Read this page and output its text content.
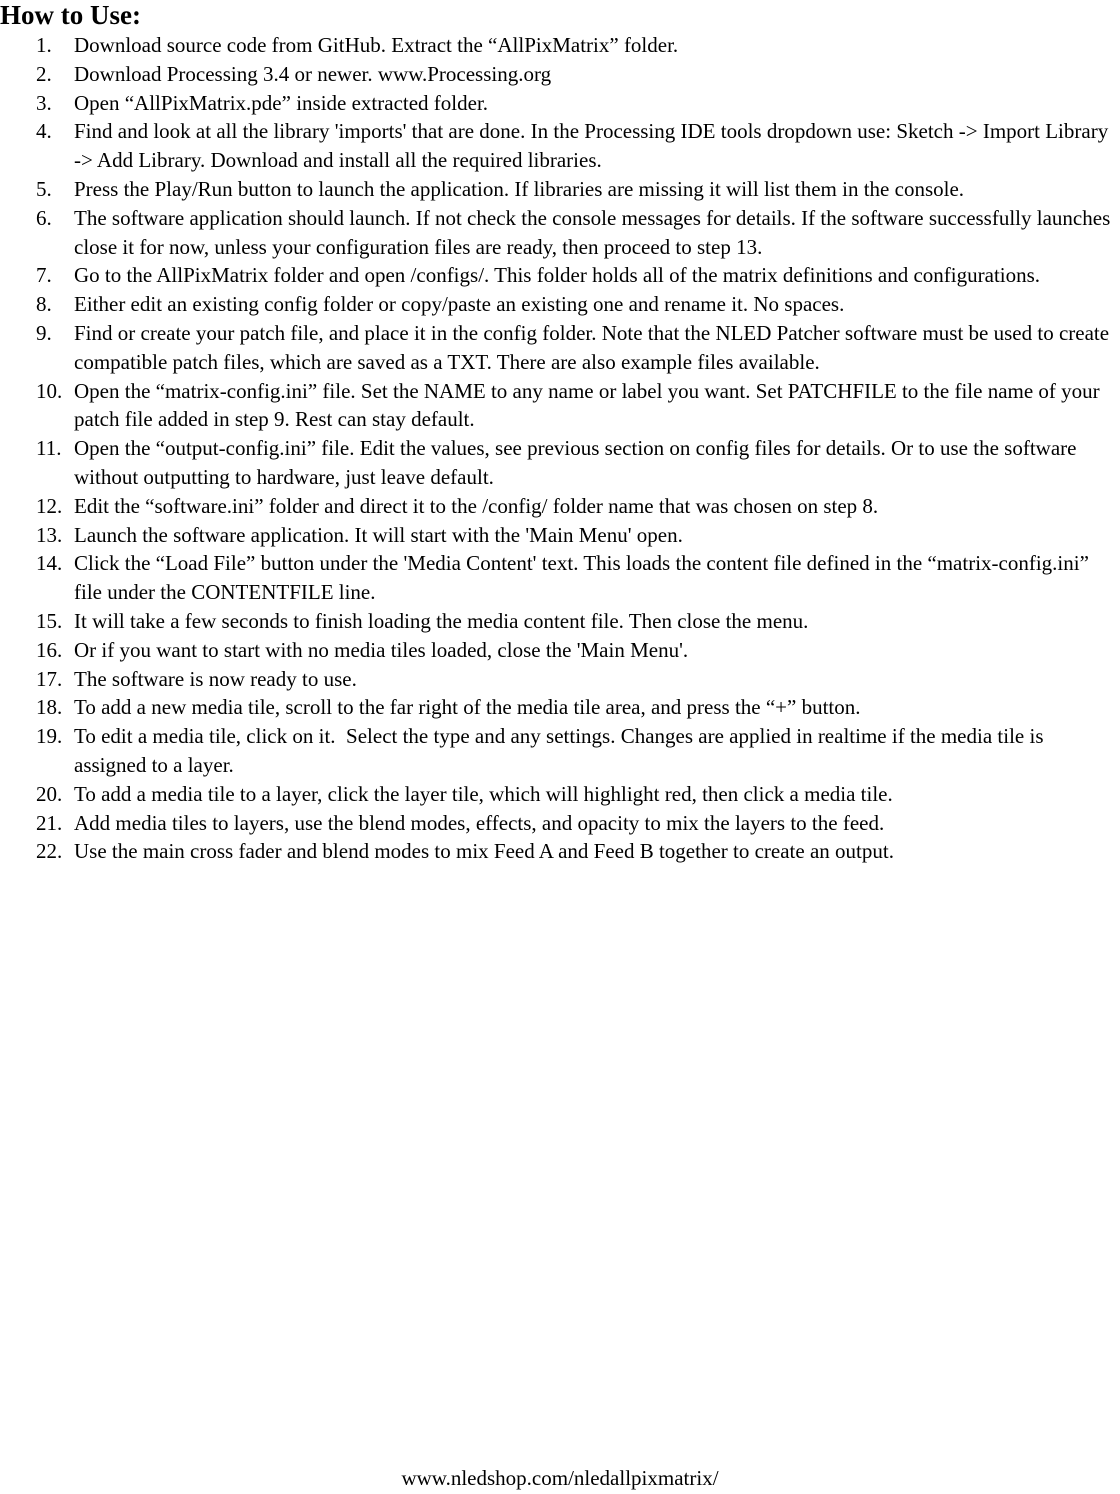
How to Use:
1. Download source code from GitHub. Extract the “AllPixMatrix” folder.
2. Download Processing 3.4 or newer. www.Processing.org
3. Open “AllPixMatrix.pde” inside extracted folder.
4. Find and look at all the library 'imports' that are done. In the Processing IDE tools dropdown use: Sketch -> Import Library -> Add Library. Download and install all the required libraries.
5. Press the Play/Run button to launch the application. If libraries are missing it will list them in the console.
6. The software application should launch. If not check the console messages for details. If the software successfully launches close it for now, unless your configuration files are ready, then proceed to step 13.
7. Go to the AllPixMatrix folder and open /configs/. This folder holds all of the matrix definitions and configurations.
8. Either edit an existing config folder or copy/paste an existing one and rename it. No spaces.
9. Find or create your patch file, and place it in the config folder. Note that the NLED Patcher software must be used to create compatible patch files, which are saved as a TXT. There are also example files available.
10. Open the “matrix-config.ini” file. Set the NAME to any name or label you want. Set PATCHFILE to the file name of your patch file added in step 9. Rest can stay default.
11. Open the “output-config.ini” file. Edit the values, see previous section on config files for details. Or to use the software without outputting to hardware, just leave default.
12. Edit the “software.ini” folder and direct it to the /config/ folder name that was chosen on step 8.
13. Launch the software application. It will start with the 'Main Menu' open.
14. Click the “Load File” button under the 'Media Content' text. This loads the content file defined in the “matrix-config.ini” file under the CONTENTFILE line.
15. It will take a few seconds to finish loading the media content file. Then close the menu.
16. Or if you want to start with no media tiles loaded, close the 'Main Menu'.
17. The software is now ready to use.
18. To add a new media tile, scroll to the far right of the media tile area, and press the “+” button.
19. To edit a media tile, click on it.  Select the type and any settings. Changes are applied in realtime if the media tile is assigned to a layer.
20. To add a media tile to a layer, click the layer tile, which will highlight red, then click a media tile.
21. Add media tiles to layers, use the blend modes, effects, and opacity to mix the layers to the feed.
22. Use the main cross fader and blend modes to mix Feed A and Feed B together to create an output.
www.nledshop.com/nledallpixmatrix/
